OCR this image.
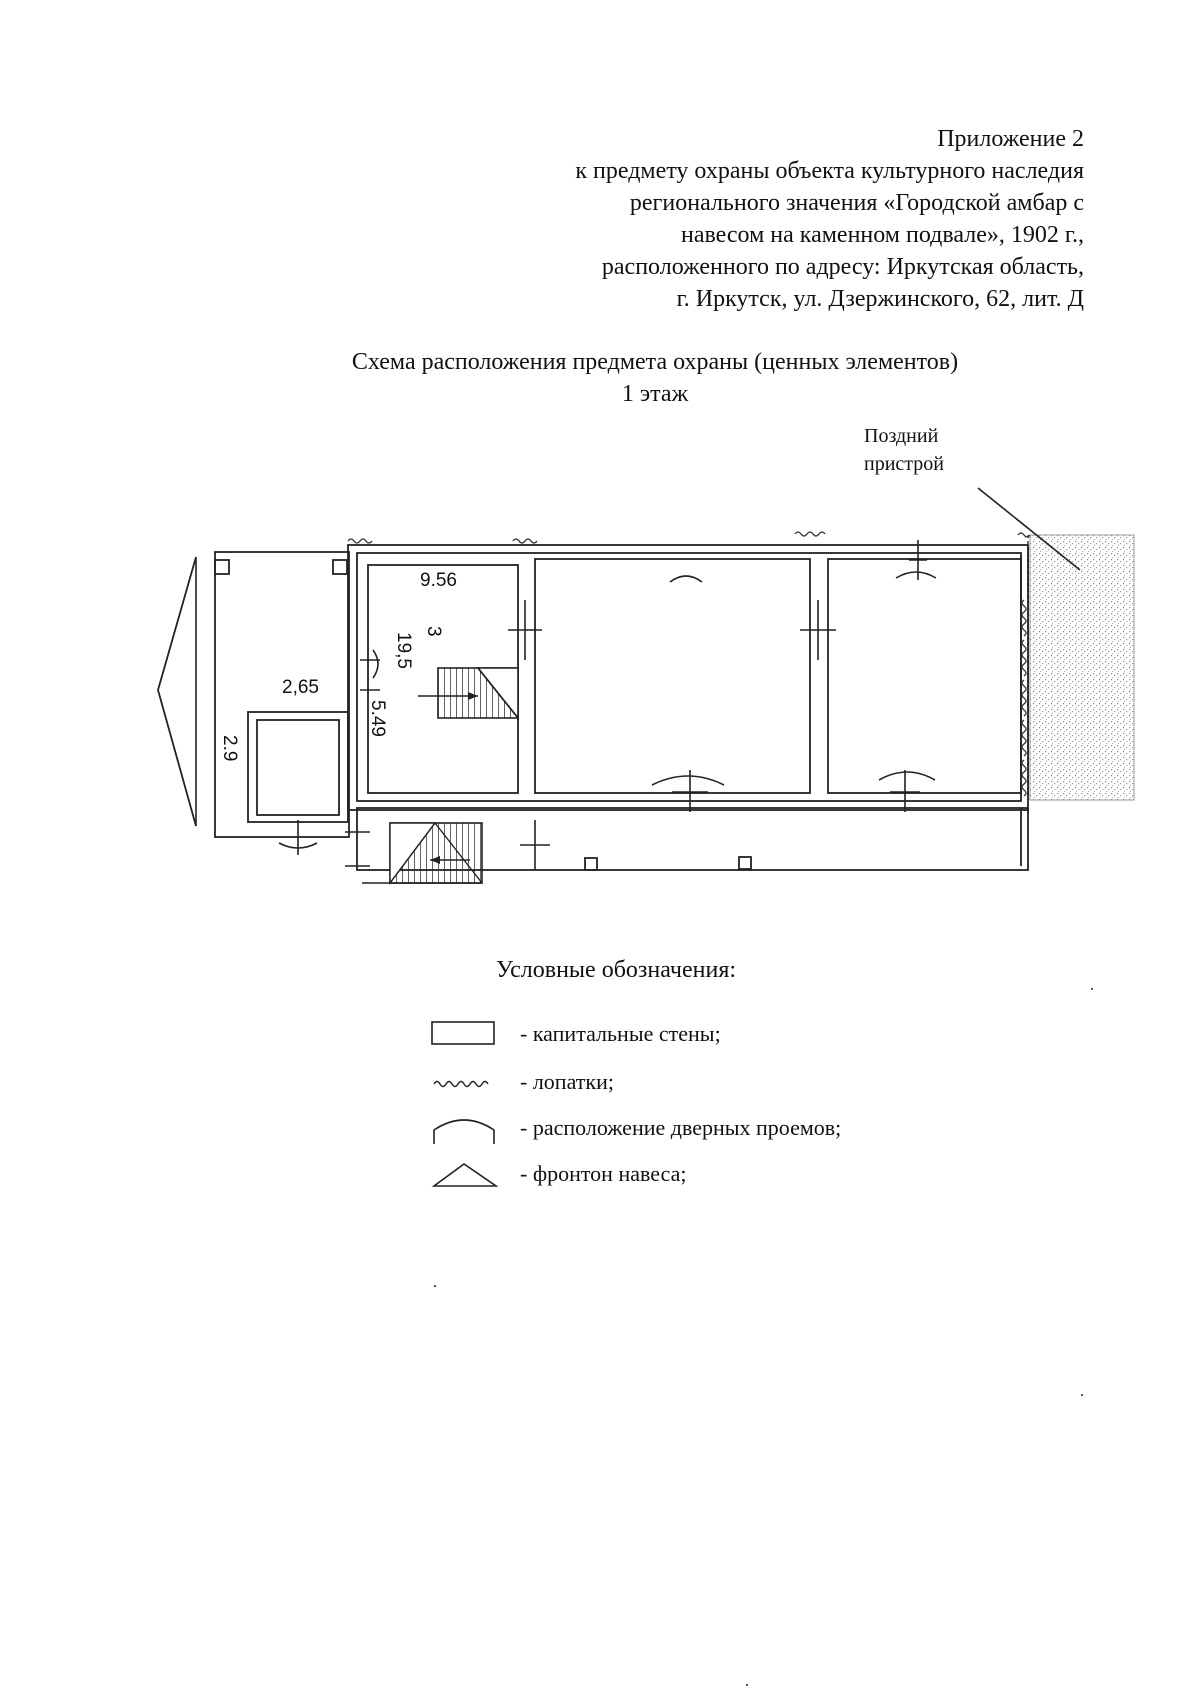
Приложение 2
к предмету охраны объекта культурного наследия
регионального значения «Городской амбар с
навесом на каменном подвале», 1902 г.,
расположенного по адресу: Иркутская область,
г. Иркутск, ул. Дзержинского, 62, лит. Д
Схема расположения предмета охраны (ценных элементов)
1 этаж
Поздний
пристрой
9.56
3
19,5
5.49
2,65
2.9
Условные обозначения:
- капитальные стены;
- лопатки;
- расположение дверных проемов;
- фронтон навеса;
